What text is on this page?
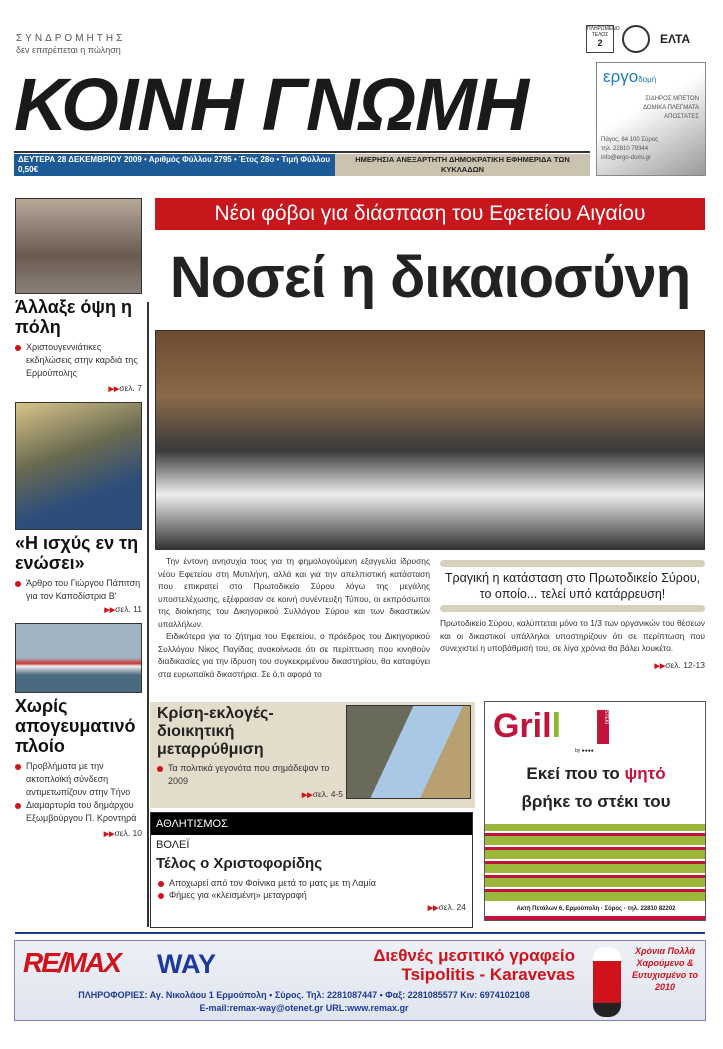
ΣΥΝΔΡΟΜΗΤΗΣ
δεν επιτρέπεται η πώληση
ΠΛΗΡΩΜΕΝΟ ΤΕΛΟΣ
2	ΕΛΤΑ
ΚΟΙΝΗ ΓΝΩΜΗ
ΔΕΥΤΕΡΑ 28 ΔΕΚΕΜΒΡΙΟΥ 2009 • Αριθμός Φύλλου 2795 • Έτος 28ο • Τιμή Φύλλου 0,50€
ΗΜΕΡΗΣΙΑ ΑΝΕΞΑΡΤΗΤΗ ΔΗΜΟΚΡΑΤΙΚΗ ΕΦΗΜΕΡΙΔΑ ΤΩΝ ΚΥΚΛΑΔΩΝ
εργοδομή
ΣΙΔΗΡΟΣ ΜΠΕΤΟΝ
ΔΟΜΙΚΑ ΠΛΕΓΜΑΤΑ
ΑΠΟΣΤΑΤΕΣ
Πάγος, 84 100 Σύρος
τηλ. 22810 79344
info@ergo-domi.gr
Άλλαξε όψη η πόλη
Χριστουγεννιάτικες εκδηλώσεις στην καρδιά της Ερμούπολης
▶▶σελ. 7
«Η ισχύς εν τη ενώσει»
Άρθρο του Γιώργου Πάπιτση για τον Καποδίστρια Β'
▶▶σελ. 11
Χωρίς απογευματινό πλοίο
Προβλήματα με την ακτοπλοϊκή σύνδεση αντιμετωπίζουν στην Τήνο
Διαμαρτυρία του δημάρχου Εξωμβούργου Π. Κροντηρά
▶▶σελ. 10
Νέοι φόβοι για διάσπαση του Εφετείου Αιγαίου
Νοσεί η δικαιοσύνη

Την έντονη ανησυχία τους για τη φημολογούμενη εξαγγελία ίδρυσης νέου Εφετείου στη Μυτιλήνη, αλλά και για την απελπιστική κατάσταση που επικρατεί στο Πρωτοδικείο Σύρου λόγω της μεγάλης υποστελέχωσης, εξέφρασαν σε κοινή συνέντευξη Τύπου, οι εκπρόσωποι της διοίκησης του Δικηγορικού Συλλόγου Σύρου και των δικαστικών υπαλλήλων.

Ειδικότερα για το ζήτημα του Εφετείου, ο πρόεδρος του Δικηγορικού Συλλόγου Νίκος Παγίδας ανακοίνωσε ότι σε περίπτωση που κινηθούν διαδικασίες για την ίδρυση του συγκεκριμένου δικαστηρίου, θα καταφύγει στα ευρωπαϊκά δικαστήρια. Σε ό,τι αφορά το

Τραγική η κατάσταση στο Πρωτοδικείο Σύρου, το οποίο... τελεί υπό κατάρρευση!
Πρωτοδικείο Σύρου, καλύπτεται μόνο το 1/3 των οργανικών του θέσεων και οι δικαστικοί υπάλληλοι υποστηρίζουν ότι σε περίπτωση που συνεχιστεί η υποβάθμισή του, σε λίγα χρόνια θα βάλει λουκέτο.
▶▶σελ. 12-13
Κρίση-εκλογές-διοικητική μεταρρύθμιση
Τα πολιτικά γεγονότα που σημάδεψαν το 2009
▶▶σελ. 4-5
ΑΘΛΗΤΙΣΜΟΣ
ΒΟΛΕΪ
Τέλος ο Χριστοφορίδης
Αποχωρεί από τον Φοίνικα μετά το ματς με τη Λαμία
Φήμες για «κλεισμένη» μεταγραφή
▶▶σελ. 24
Grill	STEKI
by ●●●●
Εκεί που το ψητό
βρήκε το στέκι του
Ακτή Πετάλων 6, Ερμούπολη - Σύρος - τηλ. 22810 82202
RE/MAX WAY	Διεθνές μεσιτικό γραφείο
Tsipolitis - Karavevas
ΠΛΗΡΟΦΟΡΙΕΣ: Αγ. Νικολάου 1 Ερμούπολη • Σύρος. Τηλ: 2281087447 • Φαξ: 2281085577 Κιν: 6974102108
E-mail:remax-way@otenet.gr URL:www.remax.gr
Χρόνια Πολλά Χαρούμενο & Ευτυχισμένο το 2010
